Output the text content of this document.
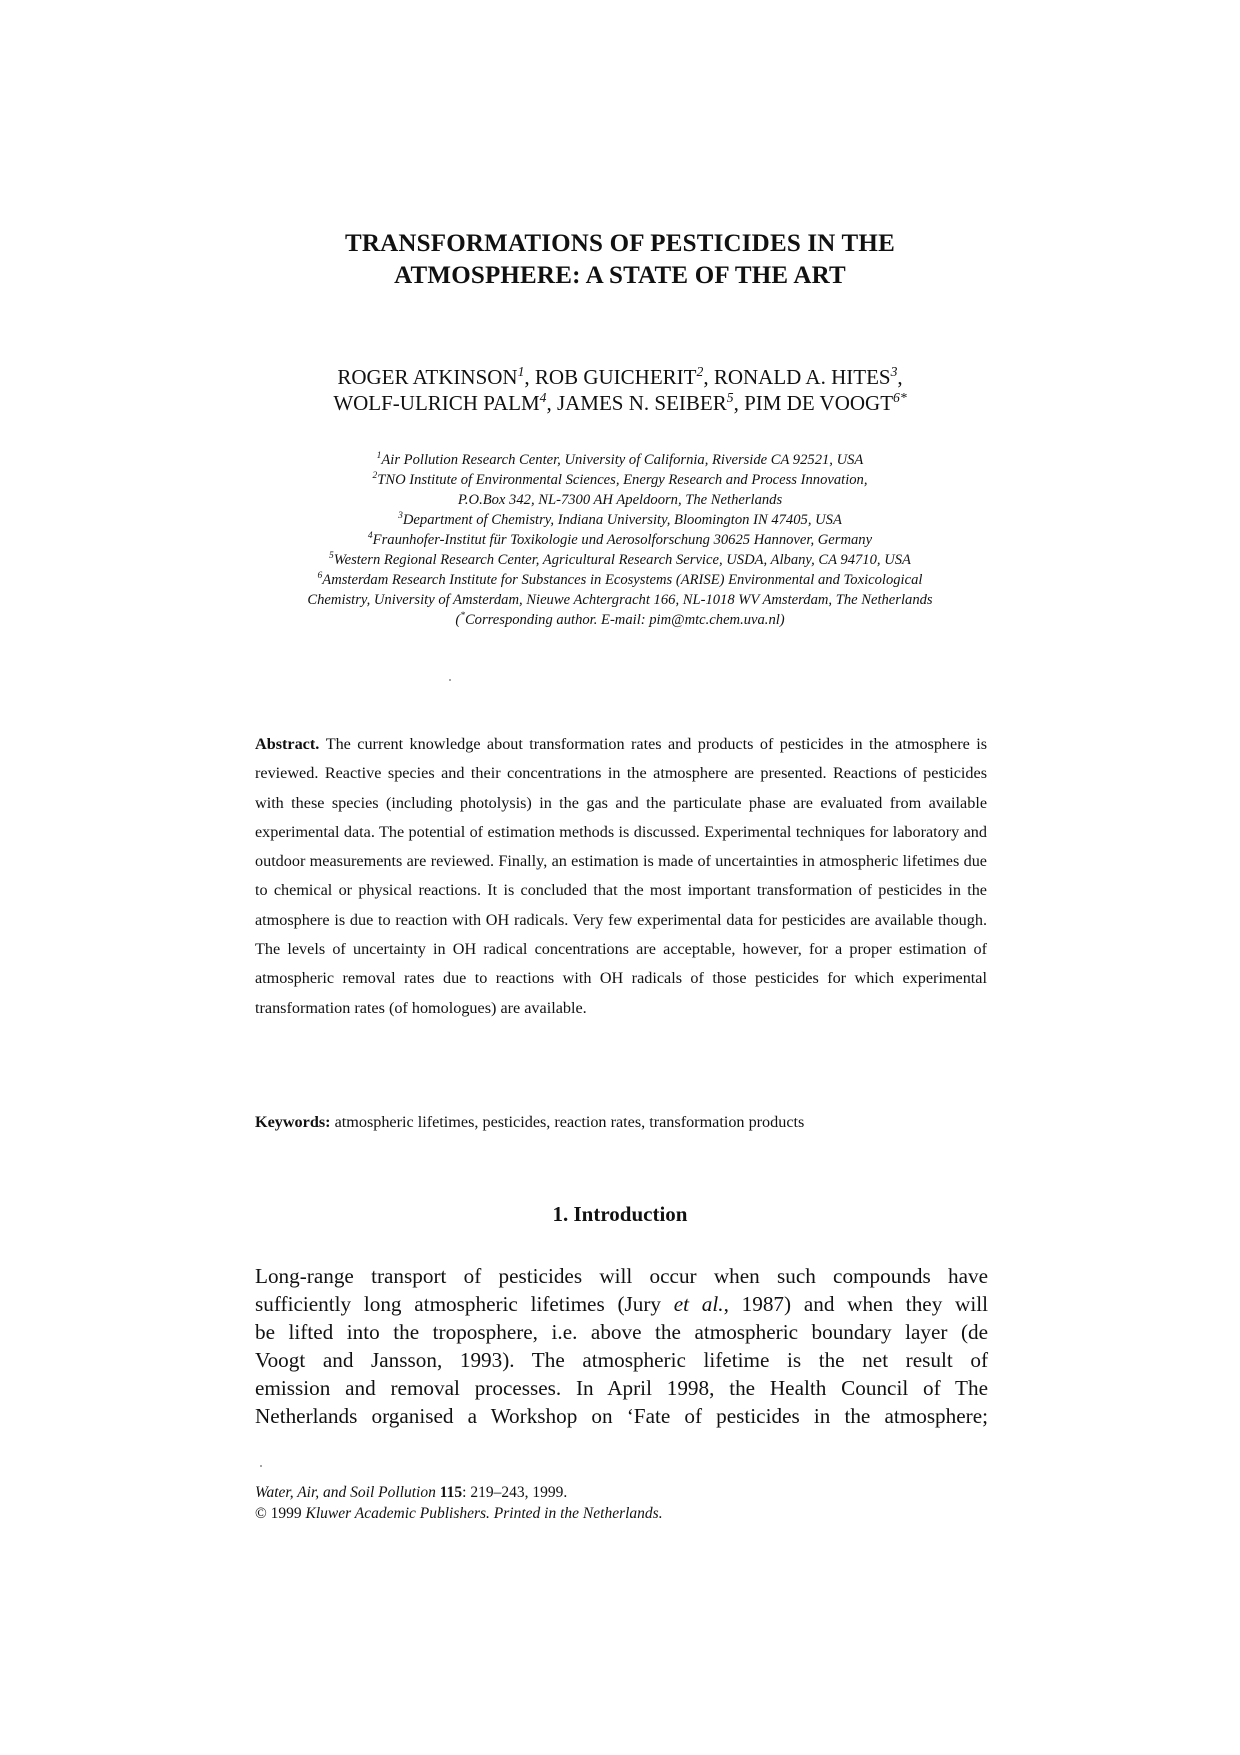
TRANSFORMATIONS OF PESTICIDES IN THE
ATMOSPHERE: A STATE OF THE ART
ROGER ATKINSON$^1$, ROB GUICHERIT$^2$, RONALD A. HITES$^3$,
WOLF-ULRICH PALM$^4$, JAMES N. SEIBER$^5$, PIM DE $VOOGT^{6*}$
$^1$Air Pollution Research Center, University of California, Riverside CA 92521, USA
$^2$TNO Institute of Environmental Sciences, Energy Research and Process Innovation,
P.O.Box 342, NL-7300 AH Apeldoorn, The Netherlands
$^3$Department of Chemistry, Indiana University, Bloomington IN 47405, USA
$^4$Fraunhofer-Institut für Toxikologie und Aerosolforschung 30625 Hannover, Germany
$^5$Western Regional Research Center, Agricultural Research Service, USDA, Albany, CA 94710, USA
$^6$Amsterdam Research Institute for Substances in Ecosystems (ARISE) Environmental and Toxicological
Chemistry, University of Amsterdam, Nieuwe Achtergracht 166, NL-1018 WV Amsterdam, The Netherlands
(*Corresponding author. E-mail: pim@mtc.chem.uva.nl)
Abstract. The current knowledge about transformation rates and products of pesticides in the atmosphere is reviewed. Reactive species and their concentrations in the atmosphere are presented. Reactions of pesticides with these species (including photolysis) in the gas and the particulate phase are evaluated from available experimental data. The potential of estimation methods is discussed. Experimental techniques for laboratory and outdoor measurements are reviewed. Finally, an estimation is made of uncertainties in atmospheric lifetimes due to chemical or physical reactions. It is concluded that the most important transformation of pesticides in the atmosphere is due to reaction with OH radicals. Very few experimental data for pesticides are available though. The levels of uncertainty in OH radical concentrations are acceptable, however, for a proper estimation of atmospheric removal rates due to reactions with OH radicals of those pesticides for which experimental transformation rates (of homologues) are available.
Keywords: atmospheric lifetimes, pesticides, reaction rates, transformation products
1. Introduction
Long-range transport of pesticides will occur when such compounds have
sufficiently long atmospheric lifetimes (Jury et al., 1987) and when they will
be lifted into the troposphere, i.e. above the atmospheric boundary layer (de
Voogt and Jansson, 1993). The atmospheric lifetime is the net result of
emission and removal processes. In April 1998, the Health Council of The
Netherlands organised a Workshop on ‘Fate of pesticides in the atmosphere;
Water, Air, and Soil Pollution 115: 219–243, 1999.
© 1999 Kluwer Academic Publishers. Printed in the Netherlands.
